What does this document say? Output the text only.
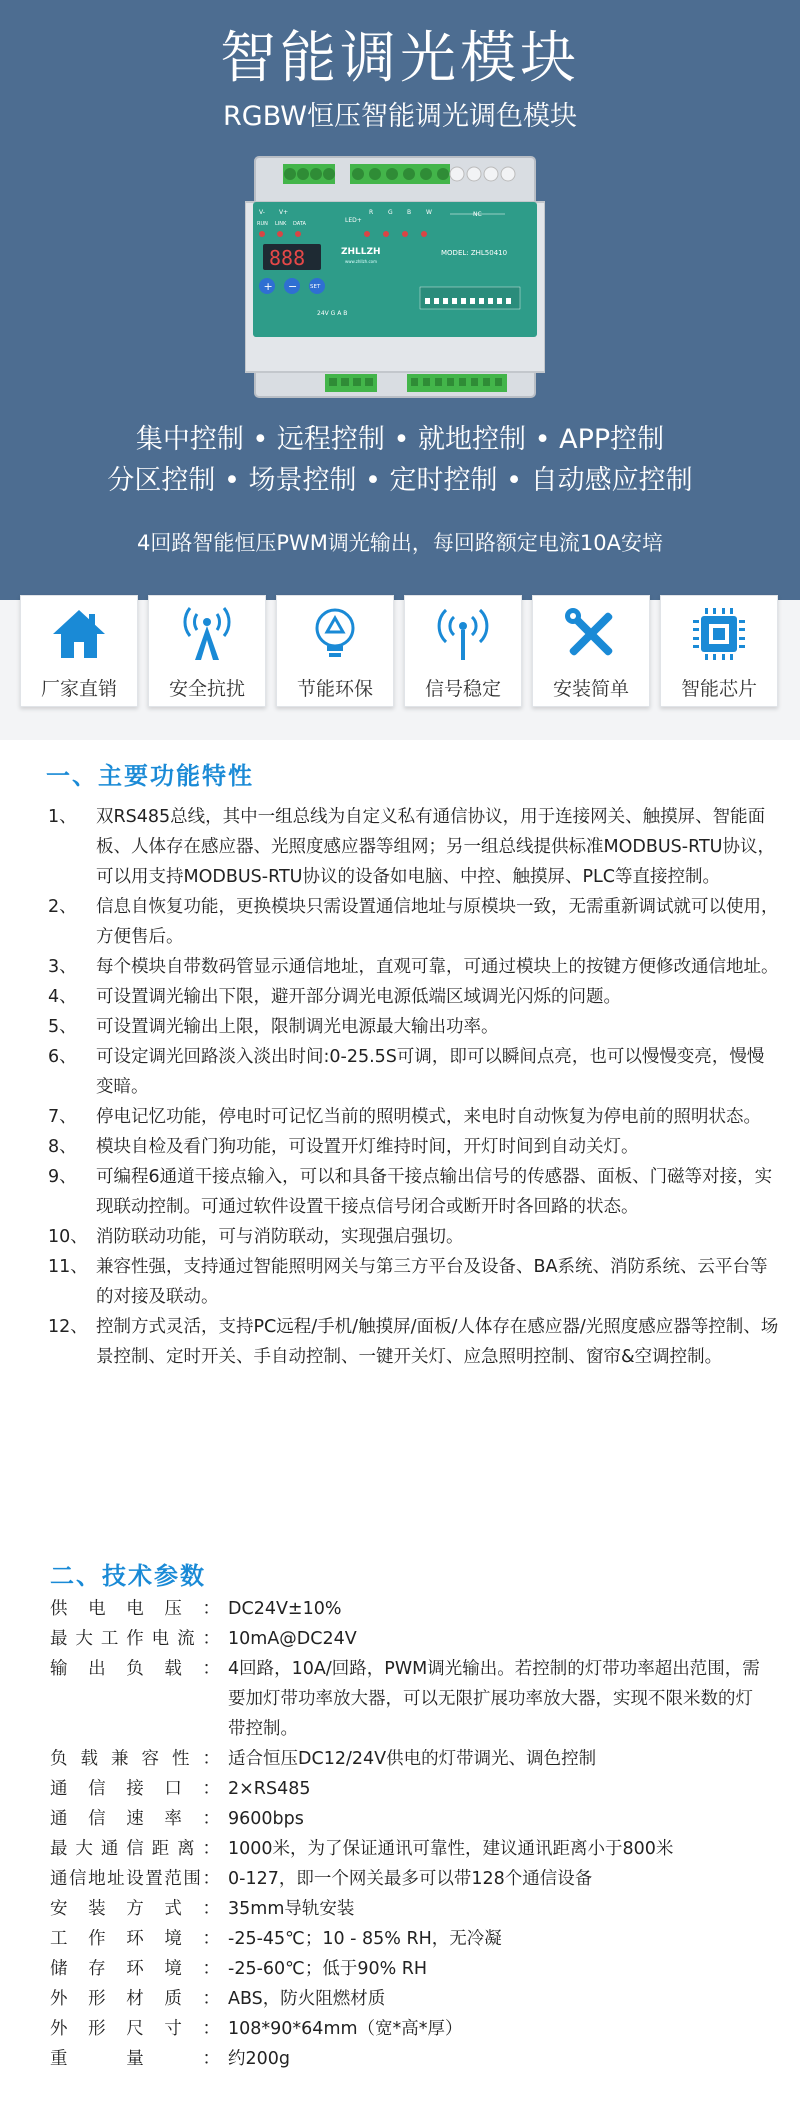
智能调光模块
RGBW恒压智能调光调色模块
V- V+
LED+
R G B W	NC
RUN LINK DATA
ZHLLZH
www.zhllzh.com
MODEL: ZHL50410
888
+ − SET
24V G A B
集中控制 • 远程控制 • 就地控制 • APP控制
分区控制 • 场景控制 • 定时控制 • 自动感应控制
4回路智能恒压PWM调光输出，每回路额定电流10A安培
厂家直销	安全抗扰	节能环保	信号稳定	安装简单	智能芯片
一、主要功能特性
1、 双RS485总线，其中一组总线为自定义私有通信协议，用于连接网关、触摸屏、智能面板、人体存在感应器、光照度感应器等组网；另一组总线提供标准MODBUS-RTU协议，可以用支持MODBUS-RTU协议的设备如电脑、中控、触摸屏、PLC等直接控制。
2、 信息自恢复功能，更换模块只需设置通信地址与原模块一致，无需重新调试就可以使用，方便售后。
3、 每个模块自带数码管显示通信地址，直观可靠，可通过模块上的按键方便修改通信地址。
4、 可设置调光输出下限，避开部分调光电源低端区域调光闪烁的问题。
5、 可设置调光输出上限，限制调光电源最大输出功率。
6、 可设定调光回路淡入淡出时间:0-25.5S可调，即可以瞬间点亮，也可以慢慢变亮，慢慢变暗。
7、 停电记忆功能，停电时可记忆当前的照明模式，来电时自动恢复为停电前的照明状态。
8、 模块自检及看门狗功能，可设置开灯维持时间，开灯时间到自动关灯。
9、 可编程6通道干接点输入，可以和具备干接点输出信号的传感器、面板、门磁等对接，实现联动控制。可通过软件设置干接点信号闭合或断开时各回路的状态。
10、 消防联动功能，可与消防联动，实现强启强切。
11、 兼容性强，支持通过智能照明网关与第三方平台及设备、BA系统、消防系统、云平台等的对接及联动。
12、 控制方式灵活，支持PC远程/手机/触摸屏/面板/人体存在感应器/光照度感应器等控制、场景控制、定时开关、手自动控制、一键开关灯、应急照明控制、窗帘&空调控制。
二、技术参数
供电电压： DC24V±10%
最大工作电流： 10mA@DC24V
输出负载： 4回路，10A/回路，PWM调光输出。若控制的灯带功率超出范围，需要加灯带功率放大器，可以无限扩展功率放大器，实现不限米数的灯带控制。
负载兼容性： 适合恒压DC12/24V供电的灯带调光、调色控制
通信接口： 2×RS485
通信速率： 9600bps
最大通信距离： 1000米，为了保证通讯可靠性，建议通讯距离小于800米
通信地址设置范围： 0-127，即一个网关最多可以带128个通信设备
安装方式： 35mm导轨安装
工作环境： -25-45℃；10 - 85% RH，无冷凝
储存环境： -25-60℃；低于90% RH
外形材质： ABS，防火阻燃材质
外形尺寸： 108*90*64mm（宽*高*厚）
重量： 约200g
